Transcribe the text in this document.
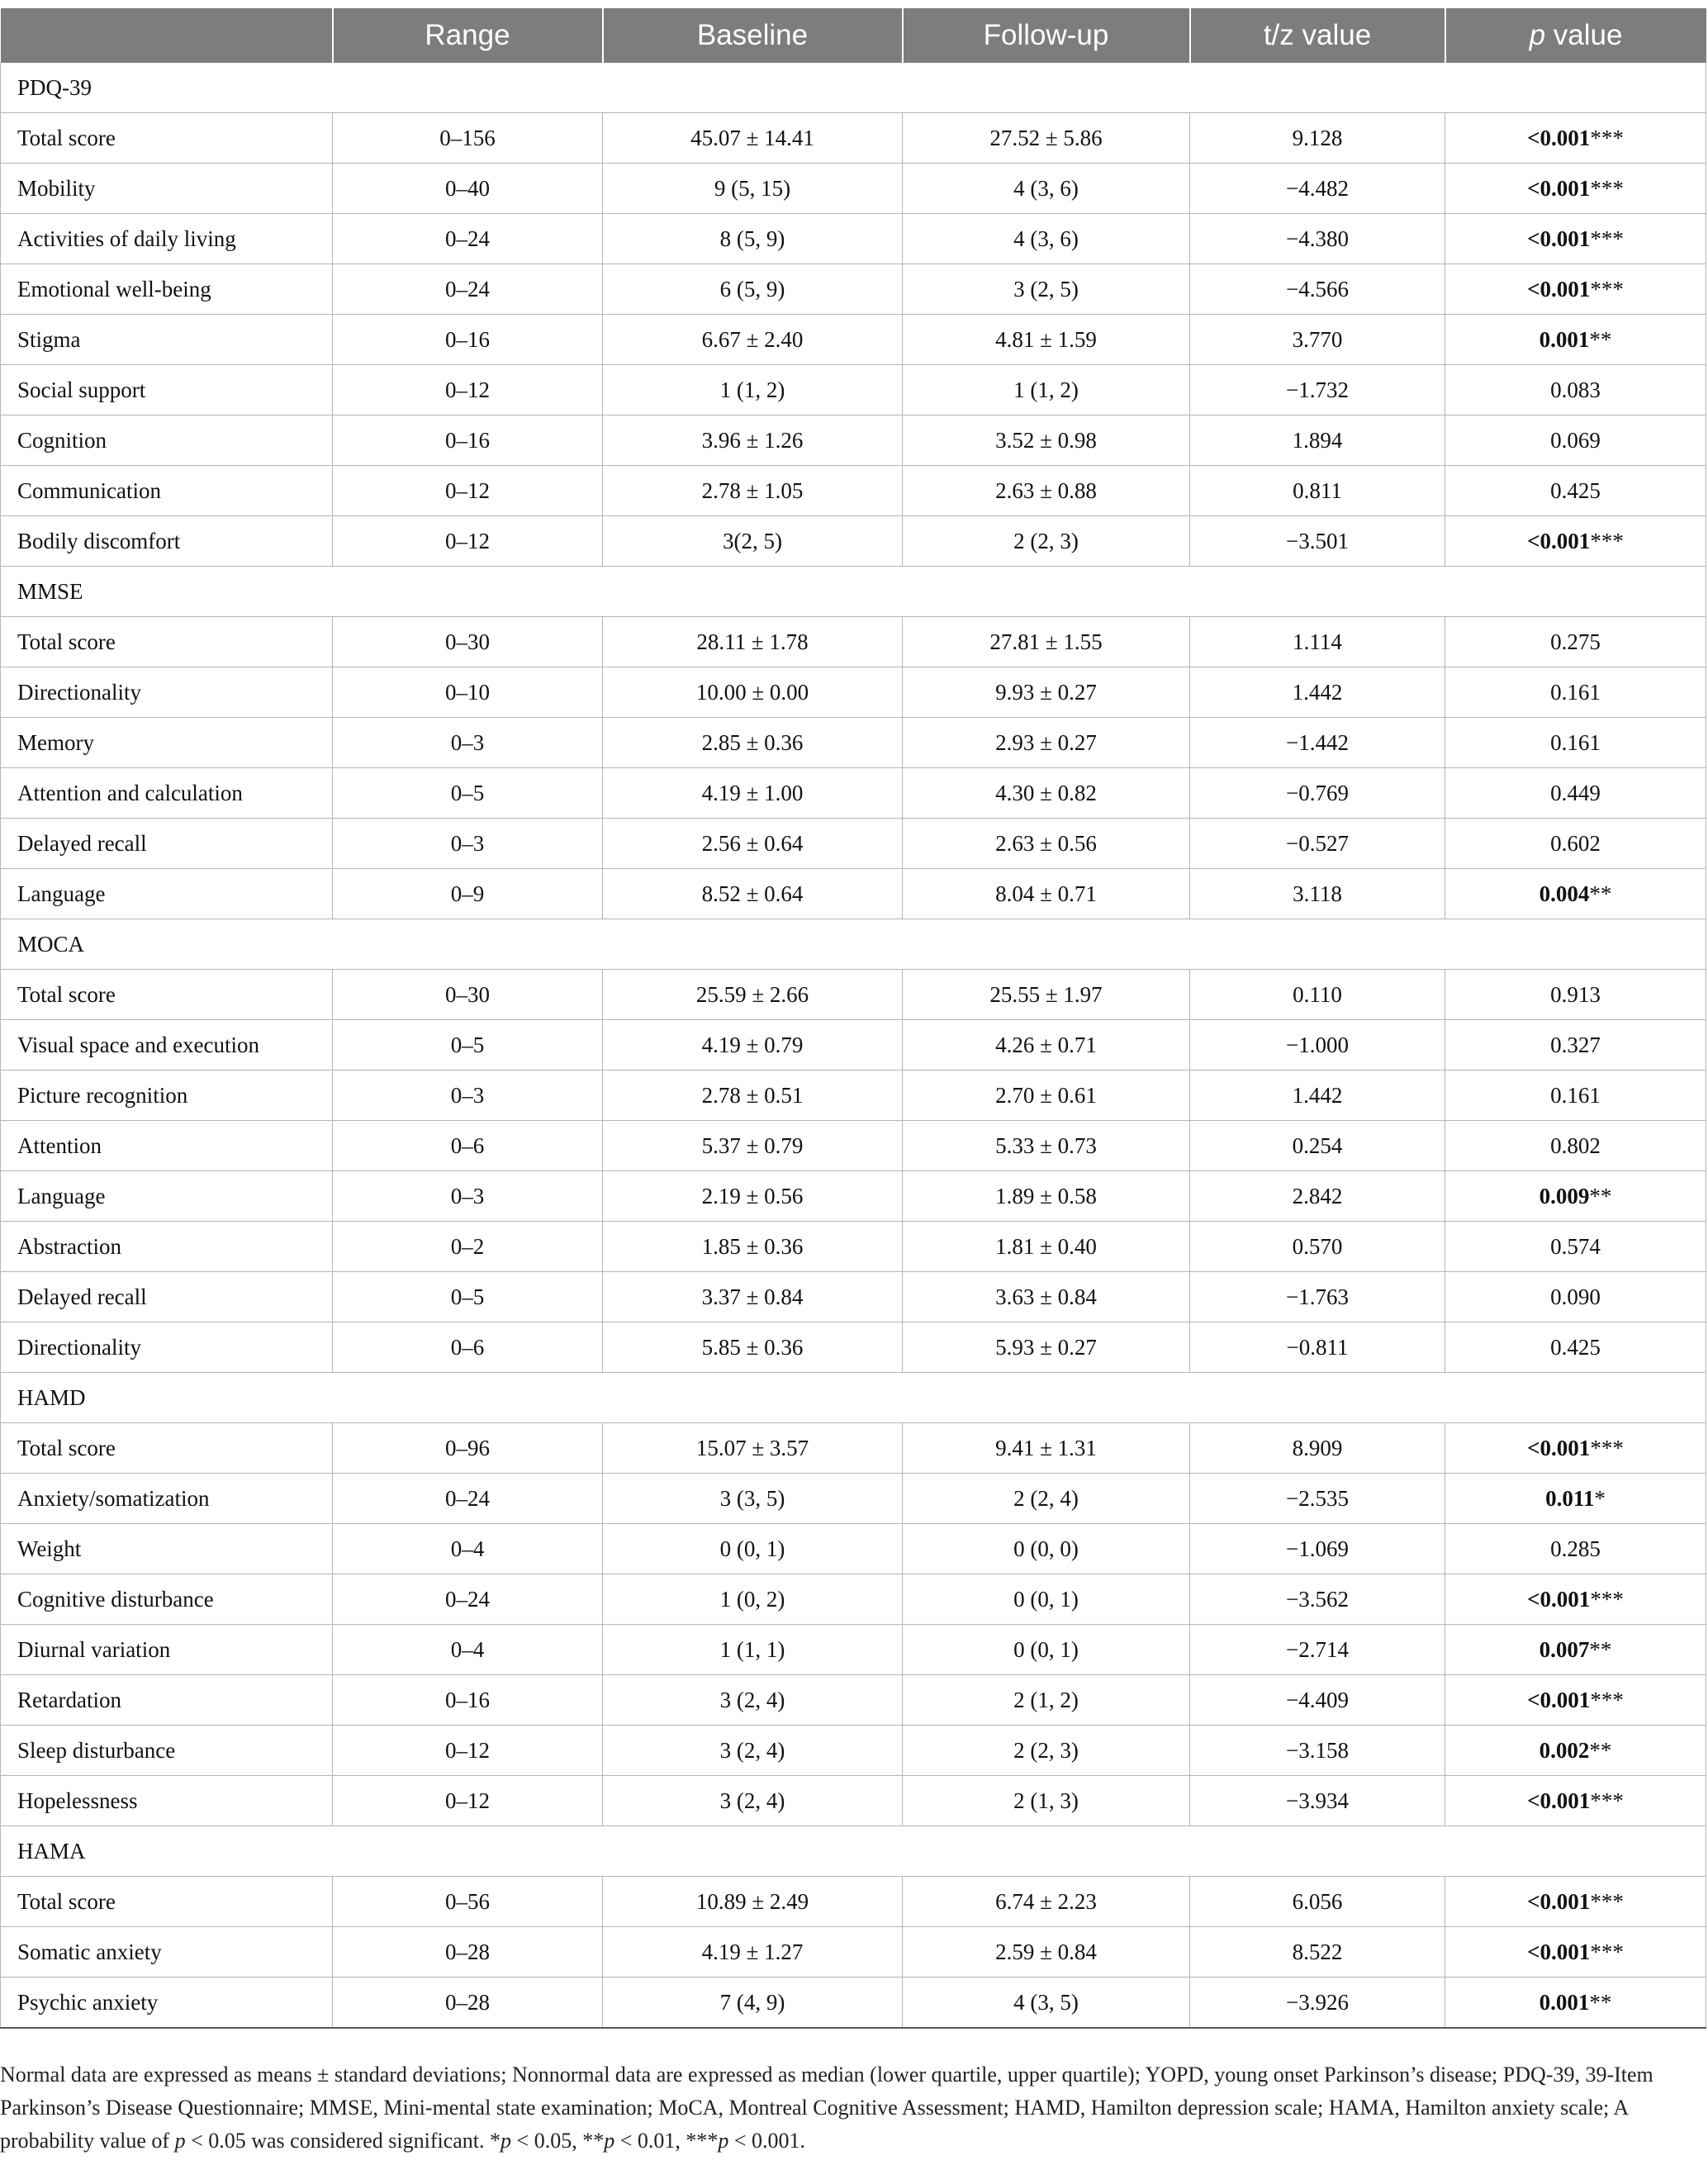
	Range	Baseline	Follow-up	t/z value	p value
PDQ-39					
Total score	0–156	45.07 ± 14.41	27.52 ± 5.86	9.128	<0.001***
Mobility	0–40	9 (5, 15)	4 (3, 6)	−4.482	<0.001***
Activities of daily living	0–24	8 (5, 9)	4 (3, 6)	−4.380	<0.001***
Emotional well-being	0–24	6 (5, 9)	3 (2, 5)	−4.566	<0.001***
Stigma	0–16	6.67 ± 2.40	4.81 ± 1.59	3.770	0.001**
Social support	0–12	1 (1, 2)	1 (1, 2)	−1.732	0.083
Cognition	0–16	3.96 ± 1.26	3.52 ± 0.98	1.894	0.069
Communication	0–12	2.78 ± 1.05	2.63 ± 0.88	0.811	0.425
Bodily discomfort	0–12	3(2, 5)	2 (2, 3)	−3.501	<0.001***
MMSE					
Total score	0–30	28.11 ± 1.78	27.81 ± 1.55	1.114	0.275
Directionality	0–10	10.00 ± 0.00	9.93 ± 0.27	1.442	0.161
Memory	0–3	2.85 ± 0.36	2.93 ± 0.27	−1.442	0.161
Attention and calculation	0–5	4.19 ± 1.00	4.30 ± 0.82	−0.769	0.449
Delayed recall	0–3	2.56 ± 0.64	2.63 ± 0.56	−0.527	0.602
Language	0–9	8.52 ± 0.64	8.04 ± 0.71	3.118	0.004**
MOCA					
Total score	0–30	25.59 ± 2.66	25.55 ± 1.97	0.110	0.913
Visual space and execution	0–5	4.19 ± 0.79	4.26 ± 0.71	−1.000	0.327
Picture recognition	0–3	2.78 ± 0.51	2.70 ± 0.61	1.442	0.161
Attention	0–6	5.37 ± 0.79	5.33 ± 0.73	0.254	0.802
Language	0–3	2.19 ± 0.56	1.89 ± 0.58	2.842	0.009**
Abstraction	0–2	1.85 ± 0.36	1.81 ± 0.40	0.570	0.574
Delayed recall	0–5	3.37 ± 0.84	3.63 ± 0.84	−1.763	0.090
Directionality	0–6	5.85 ± 0.36	5.93 ± 0.27	−0.811	0.425
HAMD					
Total score	0–96	15.07 ± 3.57	9.41 ± 1.31	8.909	<0.001***
Anxiety/somatization	0–24	3 (3, 5)	2 (2, 4)	−2.535	0.011*
Weight	0–4	0 (0, 1)	0 (0, 0)	−1.069	0.285
Cognitive disturbance	0–24	1 (0, 2)	0 (0, 1)	−3.562	<0.001***
Diurnal variation	0–4	1 (1, 1)	0 (0, 1)	−2.714	0.007**
Retardation	0–16	3 (2, 4)	2 (1, 2)	−4.409	<0.001***
Sleep disturbance	0–12	3 (2, 4)	2 (2, 3)	−3.158	0.002**
Hopelessness	0–12	3 (2, 4)	2 (1, 3)	−3.934	<0.001***
HAMA					
Total score	0–56	10.89 ± 2.49	6.74 ± 2.23	6.056	<0.001***
Somatic anxiety	0–28	4.19 ± 1.27	2.59 ± 0.84	8.522	<0.001***
Psychic anxiety	0–28	7 (4, 9)	4 (3, 5)	−3.926	0.001**
Normal data are expressed as means ± standard deviations; Nonnormal data are expressed as median (lower quartile, upper quartile); YOPD, young onset Parkinson’s disease; PDQ-39, 39-Item Parkinson’s Disease Questionnaire; MMSE, Mini-mental state examination; MoCA, Montreal Cognitive Assessment; HAMD, Hamilton depression scale; HAMA, Hamilton anxiety scale; A probability value of p < 0.05 was considered significant. *p < 0.05, **p < 0.01, ***p < 0.001.
